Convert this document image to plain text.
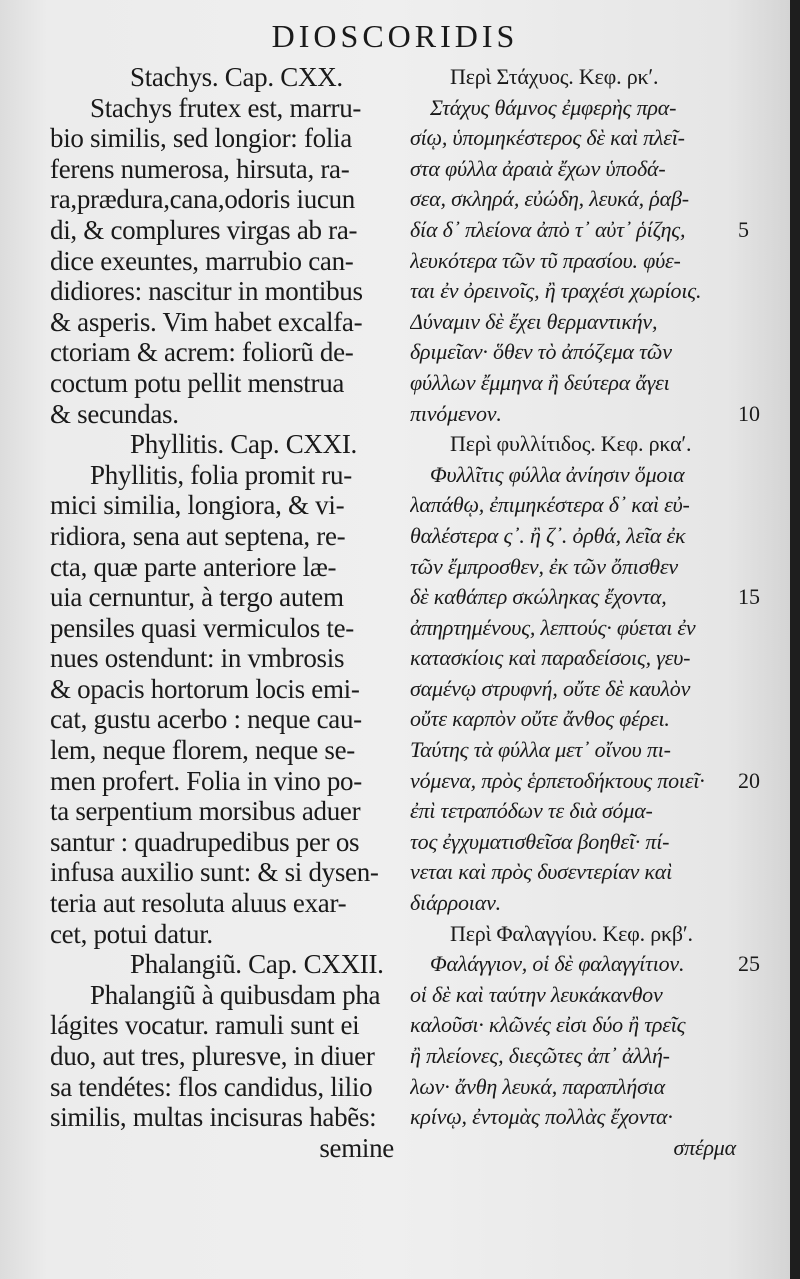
DIOSCORIDIS
Stachys. Cap. CXX.
Stachys frutex est, marru-
bio similis, sed longior: folia
ferens numerosa, hirsuta, ra-
ra,prædura,cana,odoris iucun
di, & complures virgas ab ra-
dice exeuntes, marrubio can-
didiores: nascitur in montibus
& asperis. Vim habet excalfa-
ctoriam & acrem: foliorũ de-
coctum potu pellit menstrua
& secundas.
Phyllitis. Cap. CXXI.
Phyllitis, folia promit ru-
mici similia, longiora, & vi-
ridiora, sena aut septena, re-
cta, quæ parte anteriore læ-
uia cernuntur, à tergo autem
pensiles quasi vermiculos te-
nues ostendunt: in vmbrosis
& opacis hortorum locis emi-
cat, gustu acerbo : neque cau-
lem, neque florem, neque se-
men profert. Folia in vino po-
ta serpentium morsibus aduer
santur : quadrupedibus per os
infusa auxilio sunt: & si dysen-
teria aut resoluta aluus exar-
cet, potui datur.
Phalangiũ. Cap. CXXII.
Phalangiũ à quibusdam pha
lágites vocatur. ramuli sunt ei
duo, aut tres, pluresve, in diuer
sa tendétes: flos candidus, lilio
similis, multas incisuras habẽs:
semine
Περὶ Στάχυος. Κεφ. ρκʹ.
Στάχυς θάμνος ἐμφερὴς πρα-
σίῳ, ὑπομηκέστερος δὲ καὶ πλεῖ-
στα φύλλα ἀραιὰ ἔχων ὑποδά-
σεα, σκληρά, εὐώδη, λευκά, ῥαβ-
δία δ᾽ πλείονα ἀπὸ τ᾽ αὐτ᾽ ῥίζης,
λευκότερα τῶν τῦ πρασίου. φύε-
ται ἐν ὀρεινοῖς, ἢ τραχέσι χωρίοις.
Δύναμιν δὲ ἔχει θερμαντικήν,
δριμεῖαν· ὅθεν τὸ ἀπόζεμα τῶν
φύλλων ἔμμηνα ἢ δεύτερα ἄγει
πινόμενον.
Περὶ φυλλίτιδος. Κεφ. ρκαʹ.
Φυλλῖτις φύλλα ἀνίησιν ὅμοια
λαπάθῳ, ἐπιμηκέστερα δ᾽ καὶ εὐ-
θαλέστερα ς᾽. ἢ ζ᾽. ὀρθά, λεῖα ἐκ
τῶν ἔμπροσθεν, ἐκ τῶν ὄπισθεν
δὲ καθάπερ σκώληκας ἔχοντα,
ἀπηρτημένους, λεπτούς· φύεται ἐν
κατασκίοις καὶ παραδείσοις, γευ-
σαμένῳ στρυφνή, οὔτε δὲ καυλὸν
οὔτε καρπὸν οὔτε ἄνθος φέρει.
Ταύτης τὰ φύλλα μετ᾽ οἴνου πι-
νόμενα, πρὸς ἑρπετοδήκτους ποιεῖ·
ἐπὶ τετραπόδων τε διὰ σόμα-
τος ἐγχυματισθεῖσα βοηθεῖ· πί-
νεται καὶ πρὸς δυσεντερίαν καὶ
διάρροιαν.
Περὶ Φαλαγγίου. Κεφ. ρκβʹ.
Φαλάγγιον, οἱ δὲ φαλαγγίτιον.
οἱ δὲ καὶ ταύτην λευκάκανθον
καλοῦσι· κλῶνές εἰσι δύο ἢ τρεῖς
ἢ πλείονες, διεςῶτες ἀπ᾽ ἀλλή-
λων· ἄνθη λευκά, παραπλήσια
κρίνῳ, ἐντομὰς πολλὰς ἔχοντα·
σπέρμα
5
10
15
20
25
